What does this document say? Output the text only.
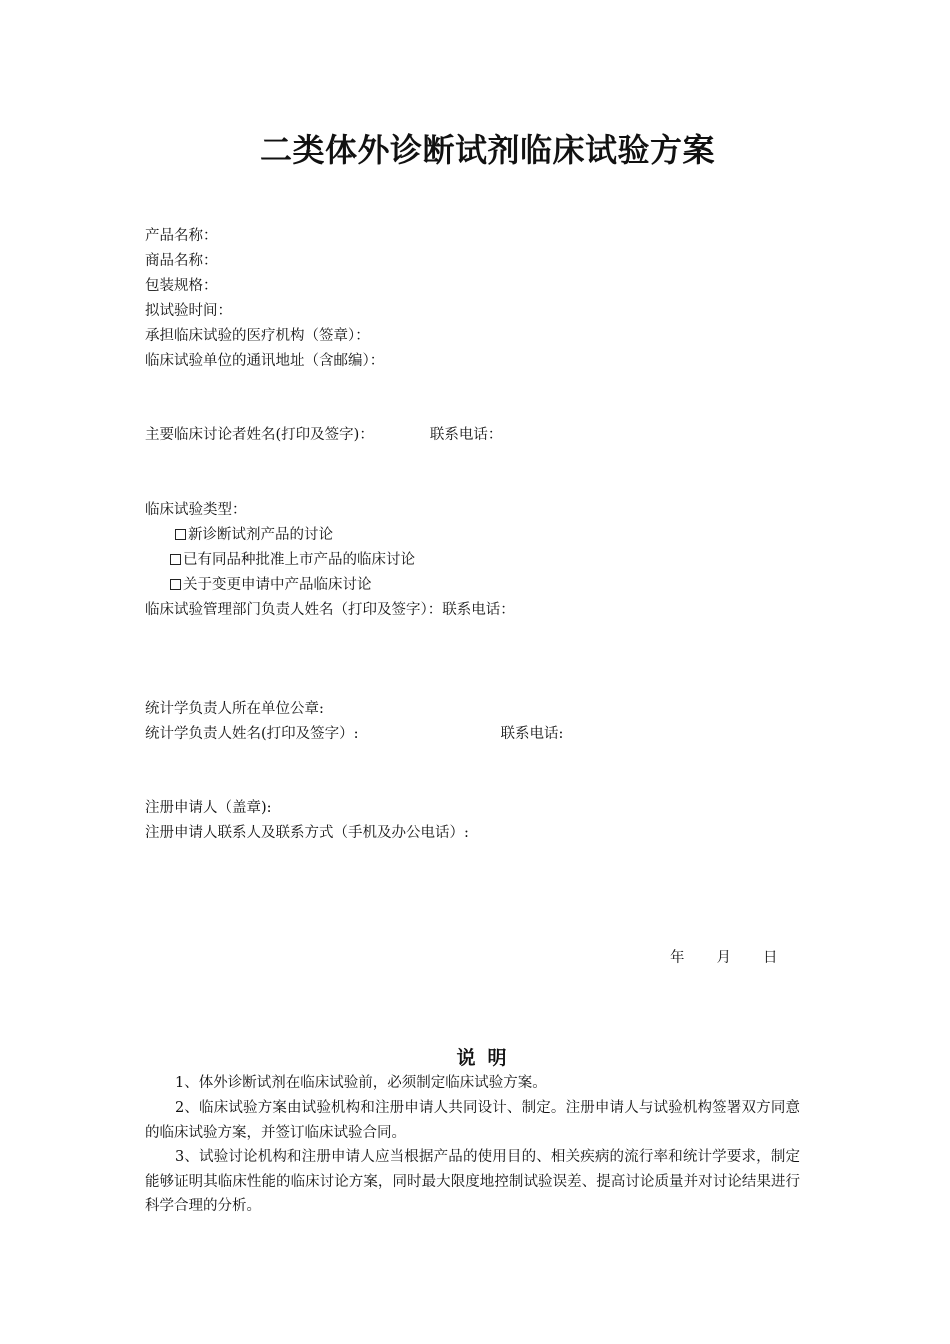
二类体外诊断试剂临床试验方案
产品名称：
商品名称：
包装规格：
拟试验时间：
承担临床试验的医疗机构（签章）：
临床试验单位的通讯地址（含邮编）：
主要临床讨论者姓名(打印及签字)：	联系电话：
临床试验类型：
新诊断试剂产品的讨论
已有同品种批准上市产品的临床讨论
关于变更申请中产品临床讨论
临床试验管理部门负责人姓名（打印及签字）：联系电话：
统计学负责人所在单位公章:
统计学负责人姓名(打印及签字）:	联系电话:
注册申请人（盖章):
注册申请人联系人及联系方式（手机及办公电话）:
年 月 日
说明

1、体外诊断试剂在临床试验前，必须制定临床试验方案。

2、临床试验方案由试验机构和注册申请人共同设计、制定。注册申请人与试验机构签署双方同意的临床试验方案，并签订临床试验合同。

3、试验讨论机构和注册申请人应当根据产品的使用目的、相关疾病的流行率和统计学要求，制定能够证明其临床性能的临床讨论方案，同时最大限度地控制试验误差、提高讨论质量并对讨论结果进行科学合理的分析。
